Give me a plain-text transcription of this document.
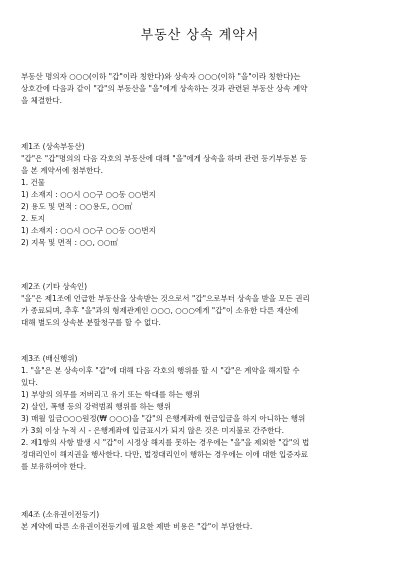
부동산 상속 계약서
부동산 명의자 ○○○(이하 "갑"이라 칭한다)와 상속자 ○○○(이하 "을"이라 칭한다)는
상호간에 다음과 같이 "갑"의 부동산을 "을"에게 상속하는 것과 관련된 부동산 상속 계약
을 체결한다.
제1조 (상속부동산)
"갑"은 "갑"명의의 다음 각호의 부동산에 대해 "을"에게 상속을 하며 관련 등기부등본 등
을 본 계약서에 첨부한다.
1. 건물
1) 소재지 : ○○시 ○○구 ○○동 ○○번지
2) 용도 및 면적 : ○○용도, ○○㎡
2. 토지
1) 소재지 : ○○시 ○○구 ○○동 ○○번지
2) 지목 및 면적 : ○○, ○○㎡
제2조 (기타 상속인)
"을"은 제1조에 언급한 부동산을 상속받는 것으로서 "갑"으로부터 상속을 받을 모든 권리
가 종료되며, 추후 "을"과의 형제관계인 ○○○, ○○○에게 "갑"이 소유한 다른 재산에
대해 별도의 상속분 분할청구를 할 수 없다.
제3조 (배신행위)
1. "을"은 본 상속이후 "갑"에 대해 다음 각호의 행위를 할 시 "갑"은 계약을 해지할 수
있다.
1) 부양의 의무를 저버리고 유기 또는 학대를 하는 행위
2) 살인, 폭행 등의 강력범죄 행위를 하는 행위
3) 매월 일금○○○원정(₩ ○○○)을 "갑"의 은행계좌에 현금입금을 하지 아니하는 행위
가 3회 이상 누적 시 - 은행계좌에 입금표시가 되지 않은 것은 미지불로 간주한다.
2. 제1항의 사항 발생 시 "갑"이 시정상 해지를 못하는 경우에는 "을"을 제외한 "갑"의 법
정대리인이 해지권을 행사한다. 다만, 법정대리인이 행하는 경우에는 이에 대한 입증자료
를 보유하여야 한다.
제4조 (소유권이전등기)
본 계약에 따른 소유권이전등기에 필요한 제반 비용은 "갑"이 부담한다.
